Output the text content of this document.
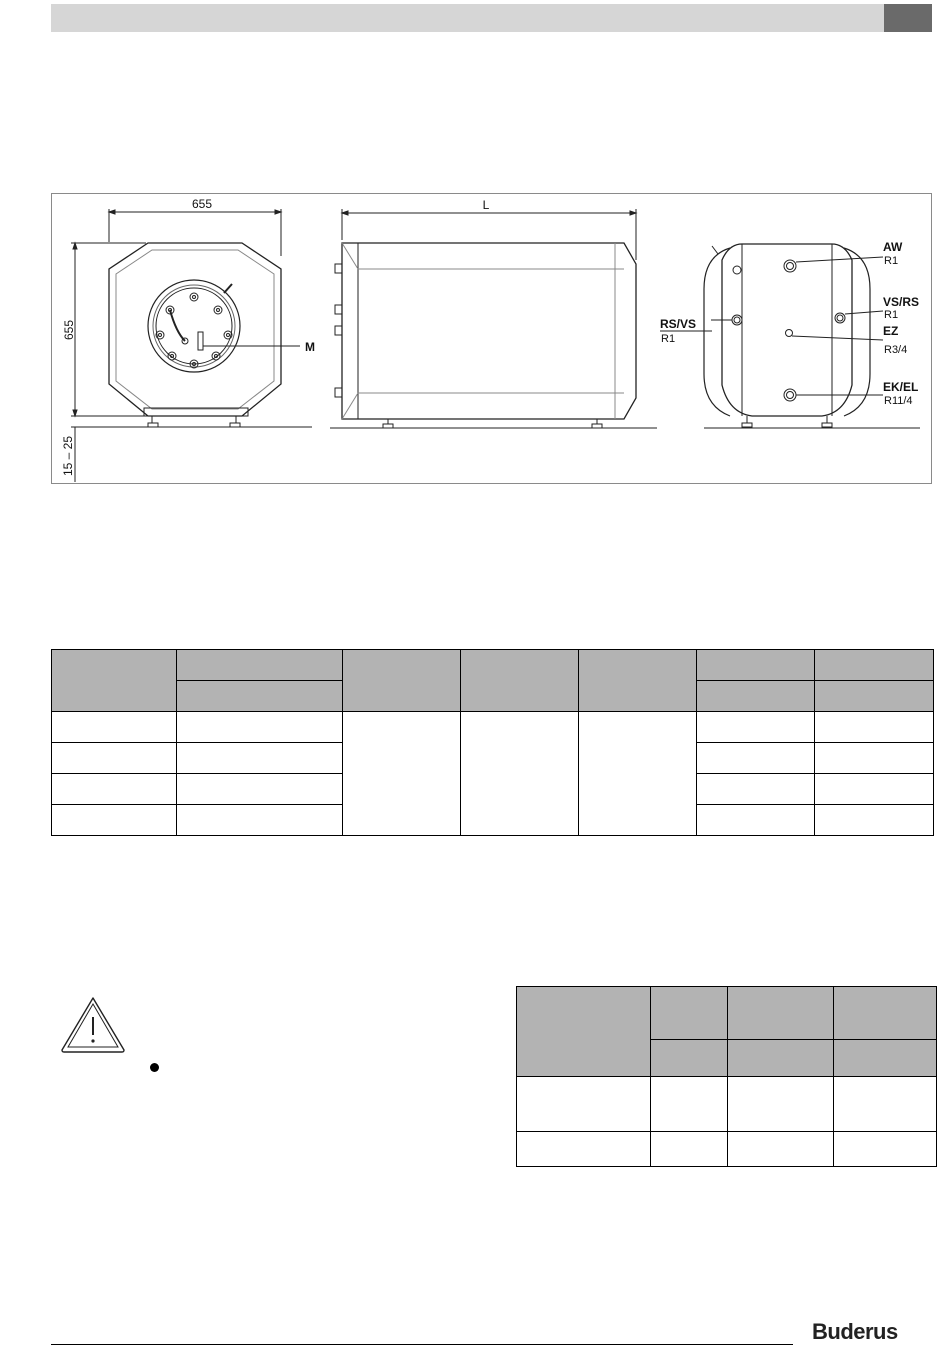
655
655
15 – 25
M
L
AW
R1
VS/RS
R1
EZ
R3/4
EK/EL
R11/4
RS/VS
R1

Buderus
